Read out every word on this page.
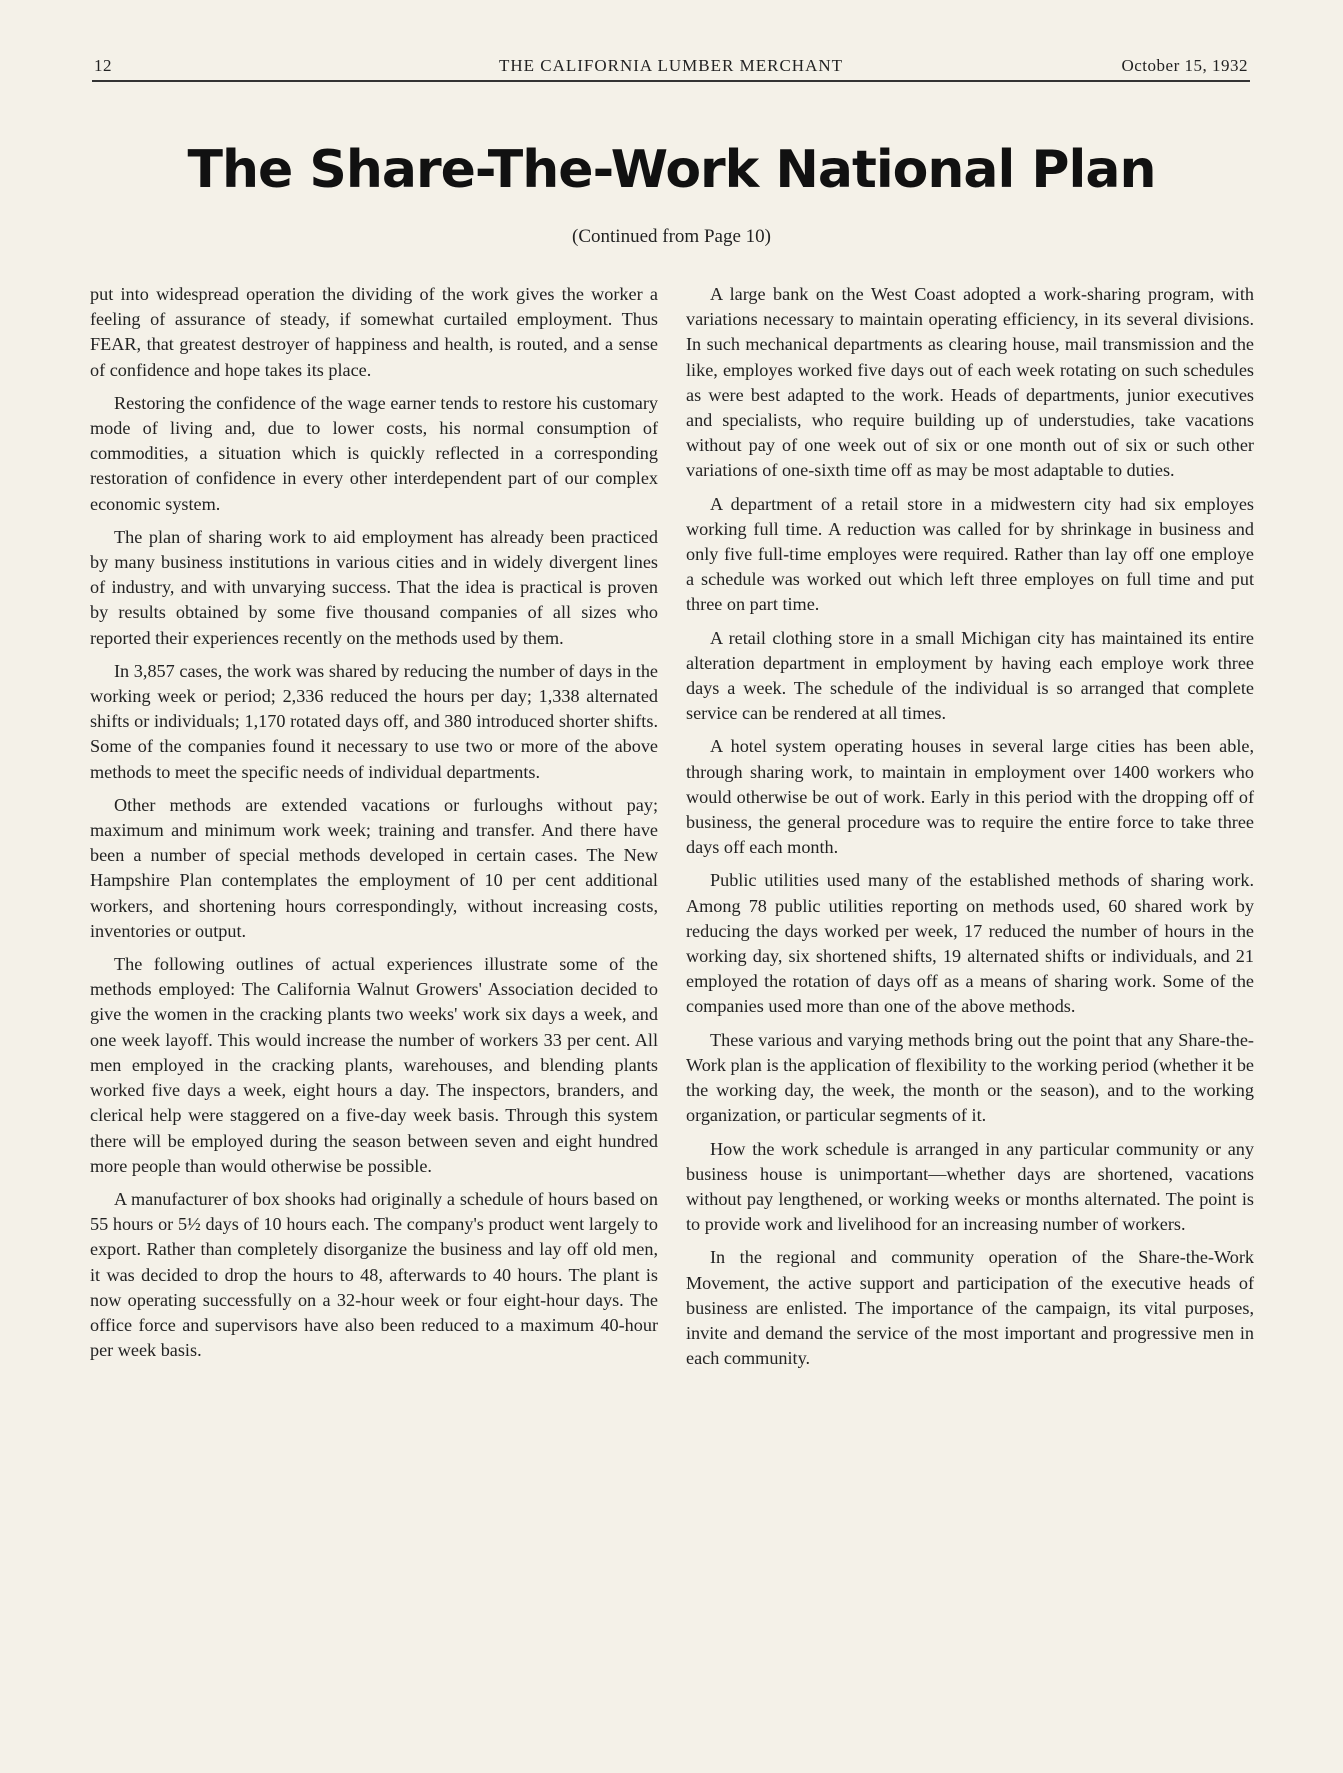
12	THE CALIFORNIA LUMBER MERCHANT	October 15, 1932
The Share-The-Work National Plan
(Continued from Page 10)

put into widespread operation the dividing of the work gives the worker a feeling of assurance of steady, if somewhat curtailed employment. Thus FEAR, that greatest destroyer of happiness and health, is routed, and a sense of confidence and hope takes its place.

Restoring the confidence of the wage earner tends to restore his customary mode of living and, due to lower costs, his normal consumption of commodities, a situation which is quickly reflected in a corresponding restoration of confidence in every other interdependent part of our complex economic system.

The plan of sharing work to aid employment has already been practiced by many business institutions in various cities and in widely divergent lines of industry, and with unvarying success. That the idea is practical is proven by results obtained by some five thousand companies of all sizes who reported their experiences recently on the methods used by them.

In 3,857 cases, the work was shared by reducing the number of days in the working week or period; 2,336 reduced the hours per day; 1,338 alternated shifts or individuals; 1,170 rotated days off, and 380 introduced shorter shifts. Some of the companies found it necessary to use two or more of the above methods to meet the specific needs of individual departments.

Other methods are extended vacations or furloughs without pay; maximum and minimum work week; training and transfer. And there have been a number of special methods developed in certain cases. The New Hampshire Plan contemplates the employment of 10 per cent additional workers, and shortening hours correspondingly, without increasing costs, inventories or output.

The following outlines of actual experiences illustrate some of the methods employed: The California Walnut Growers' Association decided to give the women in the cracking plants two weeks' work six days a week, and one week layoff. This would increase the number of workers 33 per cent. All men employed in the cracking plants, warehouses, and blending plants worked five days a week, eight hours a day. The inspectors, branders, and clerical help were staggered on a five-day week basis. Through this system there will be employed during the season between seven and eight hundred more people than would otherwise be possible.

A manufacturer of box shooks had originally a schedule of hours based on 55 hours or 5½ days of 10 hours each. The company's product went largely to export. Rather than completely disorganize the business and lay off old men, it was decided to drop the hours to 48, afterwards to 40 hours. The plant is now operating successfully on a 32-hour week or four eight-hour days. The office force and supervisors have also been reduced to a maximum 40-hour per week basis.

A large bank on the West Coast adopted a work-sharing program, with variations necessary to maintain operating efficiency, in its several divisions. In such mechanical departments as clearing house, mail transmission and the like, employes worked five days out of each week rotating on such schedules as were best adapted to the work. Heads of departments, junior executives and specialists, who require building up of understudies, take vacations without pay of one week out of six or one month out of six or such other variations of one-sixth time off as may be most adaptable to duties.

A department of a retail store in a midwestern city had six employes working full time. A reduction was called for by shrinkage in business and only five full-time employes were required. Rather than lay off one employe a schedule was worked out which left three employes on full time and put three on part time.

A retail clothing store in a small Michigan city has maintained its entire alteration department in employment by having each employe work three days a week. The schedule of the individual is so arranged that complete service can be rendered at all times.

A hotel system operating houses in several large cities has been able, through sharing work, to maintain in employment over 1400 workers who would otherwise be out of work. Early in this period with the dropping off of business, the general procedure was to require the entire force to take three days off each month.

Public utilities used many of the established methods of sharing work. Among 78 public utilities reporting on methods used, 60 shared work by reducing the days worked per week, 17 reduced the number of hours in the working day, six shortened shifts, 19 alternated shifts or individuals, and 21 employed the rotation of days off as a means of sharing work. Some of the companies used more than one of the above methods.

These various and varying methods bring out the point that any Share-the-Work plan is the application of flexibility to the working period (whether it be the working day, the week, the month or the season), and to the working organization, or particular segments of it.

How the work schedule is arranged in any particular community or any business house is unimportant—whether days are shortened, vacations without pay lengthened, or working weeks or months alternated. The point is to provide work and livelihood for an increasing number of workers.

In the regional and community operation of the Share-the-Work Movement, the active support and participation of the executive heads of business are enlisted. The importance of the campaign, its vital purposes, invite and demand the service of the most important and progressive men in each community.
